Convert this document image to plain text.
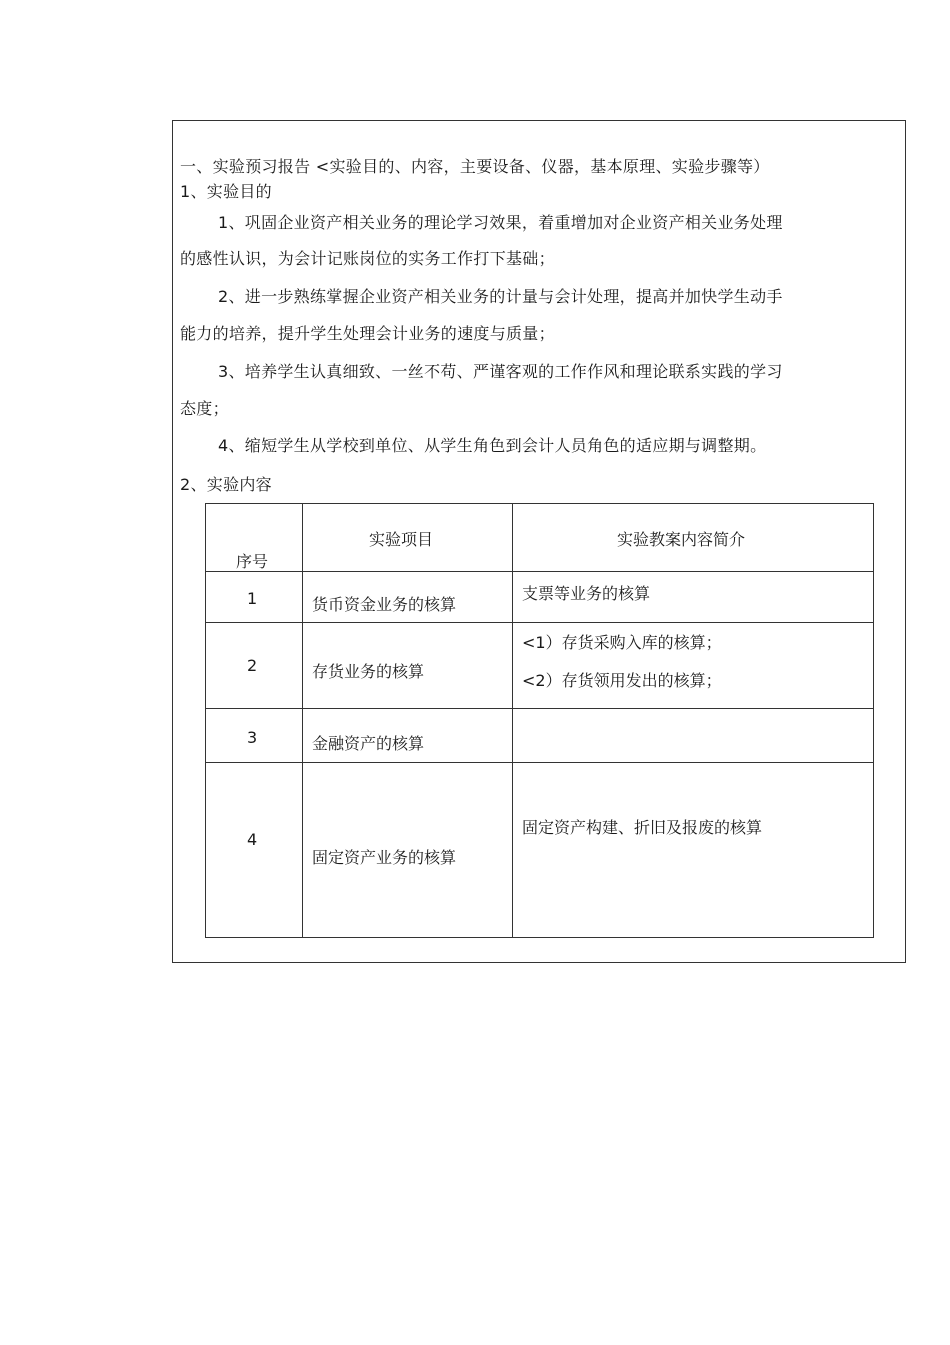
一、实验预习报告 <实验目的、内容，主要设备、仪器，基本原理、实验步骤等）
1、实验目的
1、巩固企业资产相关业务的理论学习效果，着重增加对企业资产相关业务处理
的感性认识，为会计记账岗位的实务工作打下基础；
2、进一步熟练掌握企业资产相关业务的计量与会计处理，提高并加快学生动手
能力的培养，提升学生处理会计业务的速度与质量；
3、培养学生认真细致、一丝不苟、严谨客观的工作作风和理论联系实践的学习
态度；
4、缩短学生从学校到单位、从学生角色到会计人员角色的适应期与调整期。
2、实验内容
序号	实验项目	实验教案内容简介

1	货币资金业务的核算	支票等业务的核算

2	存货业务的核算	<1）存货采购入库的核算；
<2）存货领用发出的核算；

3	金融资产的核算	

4	固定资产业务的核算	固定资产构建、折旧及报废的核算
